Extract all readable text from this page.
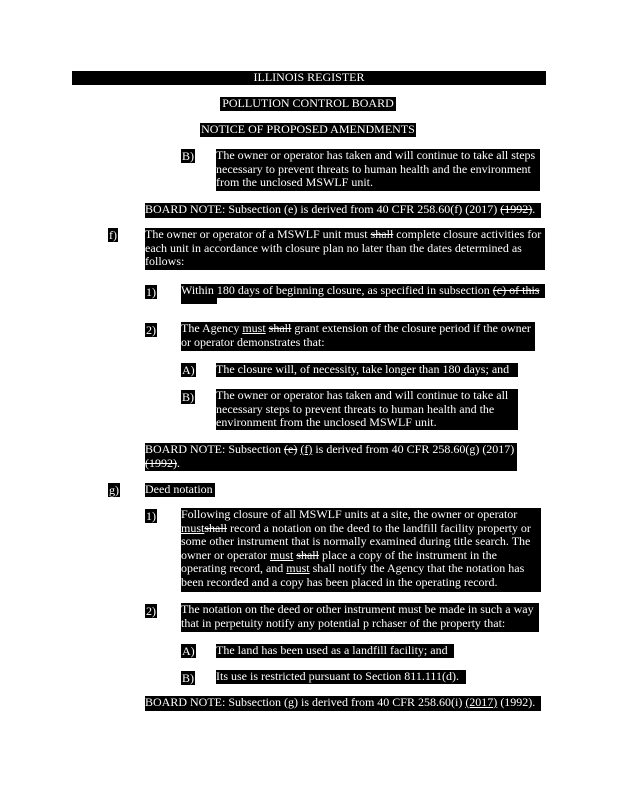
ILLINOIS REGISTER
POLLUTION CONTROL BOARD
NOTICE OF PROPOSED AMENDMENTS
B) The owner or operator has taken and will continue to take all steps necessary to prevent threats to human health and the environment from the unclosed MSWLF unit.
BOARD NOTE: Subsection (e) is derived from 40 CFR 258.60(f) (2017) (1992).
f) The owner or operator of a MSWLF unit must shall complete closure activities for each unit in accordance with closure plan no later than the dates determined as follows:
1) Within 180 days of beginning closure, as specified in subsection (c) of this .
2) The Agency must shall grant extension of the closure period if the owner or operator demonstrates that:
A) The closure will, of necessity, take longer than 180 days; and
B) The owner or operator has taken and will continue to take all necessary steps to prevent threats to human health and the environment from the unclosed MSWLF unit.
BOARD NOTE: Subsection (e) (f) is derived from 40 CFR 258.60(g) (2017) (1992).
g) Deed notation
1) Following closure of all MSWLF units at a site, the owner or operator mustshall record a notation on the deed to the landfill facility property or some other instrument that is normally examined during title search. The owner or operator must shall place a copy of the instrument in the operating record, and must shall notify the Agency that the notation has been recorded and a copy has been placed in the operating record.
2) The notation on the deed or other instrument must be made in such a way that in perpetuity notify any potential p rchaser of the property that:
A) The land has been used as a landfill facility; and
B) Its use is restricted pursuant to Section 811.111(d).
BOARD NOTE: Subsection (g) is derived from 40 CFR 258.60(i) (2017) (1992).
